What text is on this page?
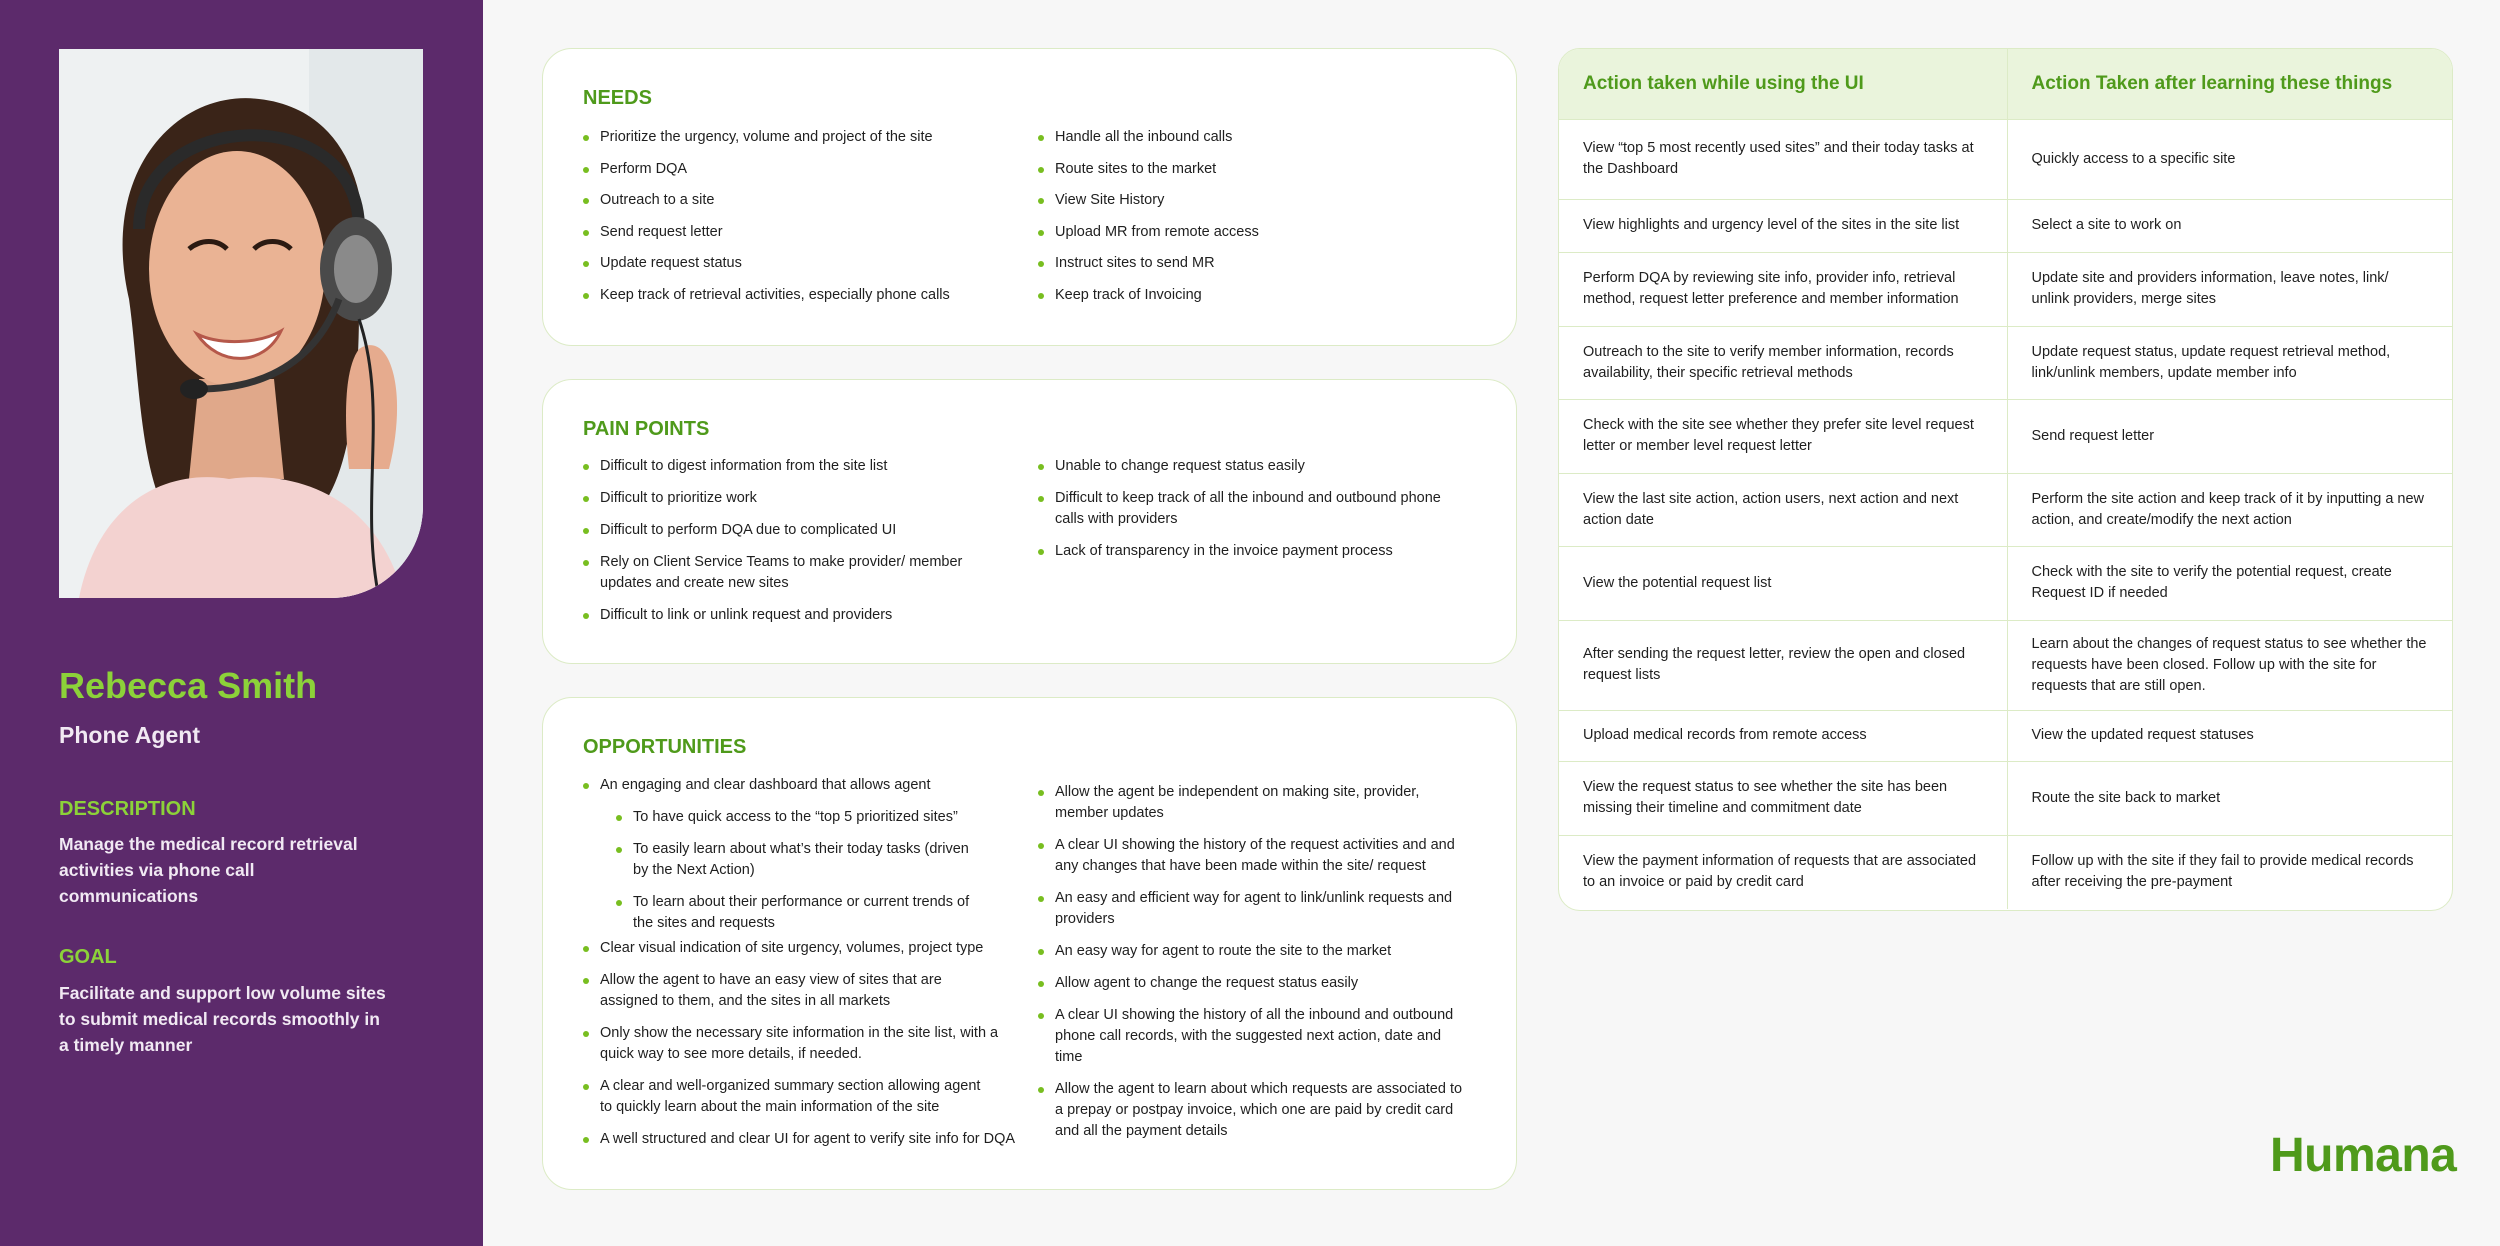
Rebecca Smith
Phone Agent
DESCRIPTION
Manage the medical record retrieval activities via phone call communications
GOAL
Facilitate and support low volume sites to submit medical records smoothly in a timely manner
NEEDS
Prioritize the urgency, volume and project of the site
Perform DQA
Outreach to a site
Send request letter
Update request status
Keep track of retrieval activities, especially phone calls
Handle all the inbound calls
Route sites to the market
View Site History
Upload MR from remote access
Instruct sites to send MR
Keep track of Invoicing
PAIN POINTS
Difficult to digest information from the site list
Difficult to prioritize work
Difficult to perform DQA due to complicated UI
Rely on Client Service Teams to make provider/ member updates and create new sites
Difficult to link or unlink request and providers
Unable to change request status easily
Difficult to keep track of all the inbound and outbound phone calls with providers
Lack of transparency in the invoice payment process
OPPORTUNITIES
An engaging and clear dashboard that allows agent
To have quick access to the “top 5 prioritized sites”
To easily learn about what’s their today tasks (driven by the Next Action)
To learn about their performance or current trends of the sites and requests
Clear visual indication of site urgency, volumes, project type
Allow the agent to have an easy view of sites that are assigned to them, and the sites in all markets
Only show the necessary site information in the site list, with a quick way to see more details, if needed.
A clear and well-organized summary section allowing agent to quickly learn about the main information of the site
A well structured and clear UI for agent to verify site info for DQA
Allow the agent be independent on making site, provider, member updates
A clear UI showing the history of the request activities and and any changes that have been made within the site/ request
An easy and efficient way for agent to link/unlink requests and providers
An easy way for agent to route the site to the market
Allow agent to change the request status easily
A clear UI showing the history of all the inbound and outbound phone call records, with the suggested next action, date and time
Allow the agent to learn about which requests are associated to a prepay or postpay invoice, which one are paid by credit card and all the payment details
Action taken while using the UI	Action Taken after learning these things
View “top 5 most recently used sites” and their today tasks at the Dashboard	Quickly access to a specific site
View highlights and urgency level of the sites in the site list	Select a site to work on
Perform DQA by reviewing site info, provider info, retrieval method, request letter preference and member information	Update site and providers information, leave notes, link/ unlink providers, merge sites
Outreach to the site to verify member information, records availability, their specific retrieval methods	Update request status, update request retrieval method, link/unlink members, update member info
Check with the site see whether they prefer site level request letter or member level request letter	Send request letter
View the last site action, action users, next action and next action date	Perform the site action and keep track of it by inputting a new action, and create/modify the next action
View the potential request list	Check with the site to verify the potential request, create Request ID if needed
After sending the request letter, review the open and closed request lists	Learn about the changes of request status to see whether the requests have been closed. Follow up with the site for requests that are still open.
Upload medical records from remote access	View the updated request statuses
View the request status to see whether the site has been missing their timeline and commitment date	Route the site back to market
View the payment information of requests that are associated to an invoice or paid by credit card	Follow up with the site if they fail to provide medical records after receiving the pre-payment
Humana
